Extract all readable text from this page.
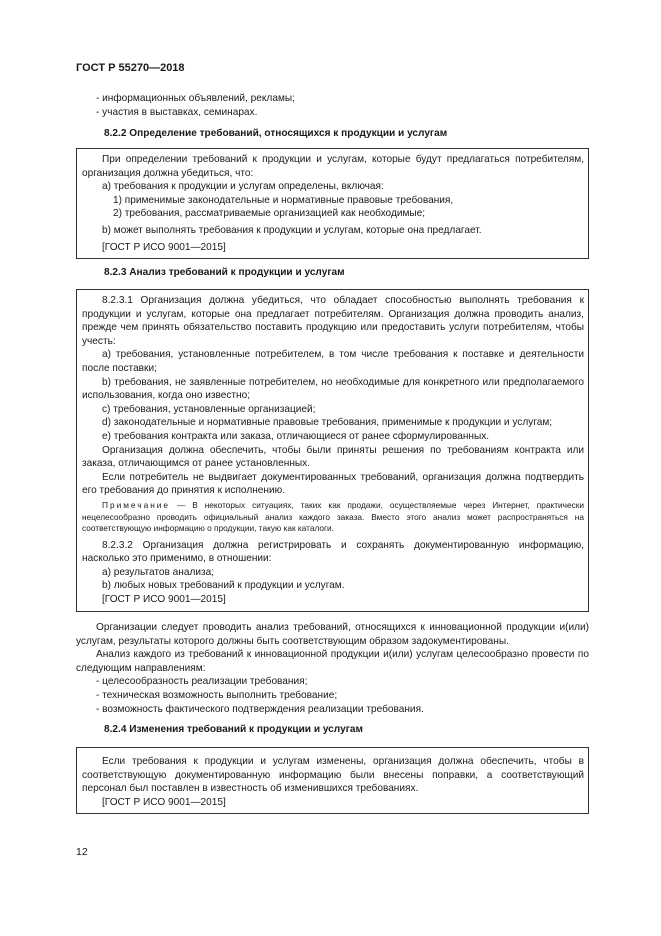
ГОСТ Р 55270—2018

- информационных объявлений, рекламы;

- участия в выставках, семинарах.

8.2.2 Определение требований, относящихся к продукции и услугам

При определении требований к продукции и услугам, которые будут предлагаться потребителям, организация должна убедиться, что:

а) требования к продукции и услугам определены, включая:

1) применимые законодательные и нормативные правовые требования,

2) требования, рассматриваемые организацией как необходимые;

b) может выполнять требования к продукции и услугам, которые она предлагает.

[ГОСТ Р ИСО 9001—2015]

8.2.3 Анализ требований к продукции и услугам

8.2.3.1 Организация должна убедиться, что обладает способностью выполнять требования к продукции и услугам, которые она предлагает потребителям. Организация должна проводить анализ, прежде чем принять обязательство поставить продукцию или предоставить услуги потребителям, чтобы учесть:

а) требования, установленные потребителем, в том числе требования к поставке и деятельности после поставки;

b) требования, не заявленные потребителем, но необходимые для конкретного или предполагаемого использования, когда оно известно;

c) требования, установленные организацией;

d) законодательные и нормативные правовые требования, применимые к продукции и услугам;

е) требования контракта или заказа, отличающиеся от ранее сформулированных.

Организация должна обеспечить, чтобы были приняты решения по требованиям контракта или заказа, отличающимся от ранее установленных.

Если потребитель не выдвигает документированных требований, организация должна подтвердить его требования до принятия к исполнению.

Примечание — В некоторых ситуациях, таких как продажи, осуществляемые через Интернет, практически нецелесообразно проводить официальный анализ каждого заказа. Вместо этого анализ может распространяться на соответствующую информацию о продукции, такую как каталоги.

8.2.3.2 Организация должна регистрировать и сохранять документированную информацию, насколько это применимо, в отношении:

а) результатов анализа;

b) любых новых требований к продукции и услугам.

[ГОСТ Р ИСО 9001—2015]

Организации следует проводить анализ требований, относящихся к инновационной продукции и(или) услугам, результаты которого должны быть соответствующим образом задокументированы.

Анализ каждого из требований к инновационной продукции и(или) услугам целесообразно провести по следующим направлениям:

- целесообразность реализации требования;

- техническая возможность выполнить требование;

- возможность фактического подтверждения реализации требования.

8.2.4 Изменения требований к продукции и услугам

Если требования к продукции и услугам изменены, организация должна обеспечить, чтобы в соответствующую документированную информацию были внесены поправки, а соответствующий персонал был поставлен в известность об изменившихся требованиях.

[ГОСТ Р ИСО 9001—2015]

12
